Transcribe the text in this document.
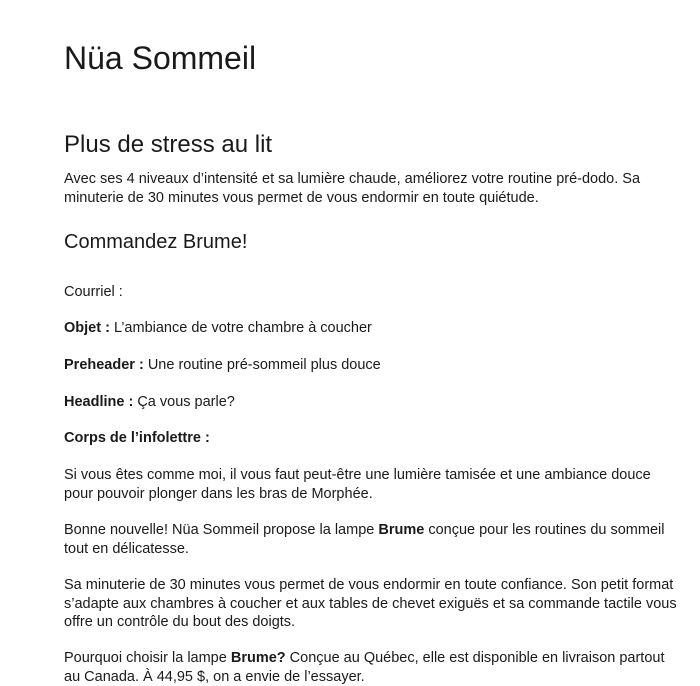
Nüa Sommeil
Plus de stress au lit

Avec ses 4 niveaux d’intensité et sa lumière chaude, améliorez votre routine pré-dodo. Sa
minuterie de 30 minutes vous permet de vous endormir en toute quiétude.

Commandez Brume!

Courriel :

Objet : L’ambiance de votre chambre à coucher

Preheader : Une routine pré-sommeil plus douce

Headline : Ça vous parle?

Corps de l’infolettre :

Si vous êtes comme moi, il vous faut peut-être une lumière tamisée et une ambiance douce
pour pouvoir plonger dans les bras de Morphée.

Bonne nouvelle! Nüa Sommeil propose la lampe Brume conçue pour les routines du sommeil
tout en délicatesse.

Sa minuterie de 30 minutes vous permet de vous endormir en toute confiance. Son petit format
s’adapte aux chambres à coucher et aux tables de chevet exiguës et sa commande tactile vous
offre un contrôle du bout des doigts.

Pourquoi choisir la lampe Brume? Conçue au Québec, elle est disponible en livraison partout
au Canada. À 44,95 $, on a envie de l’essayer.
